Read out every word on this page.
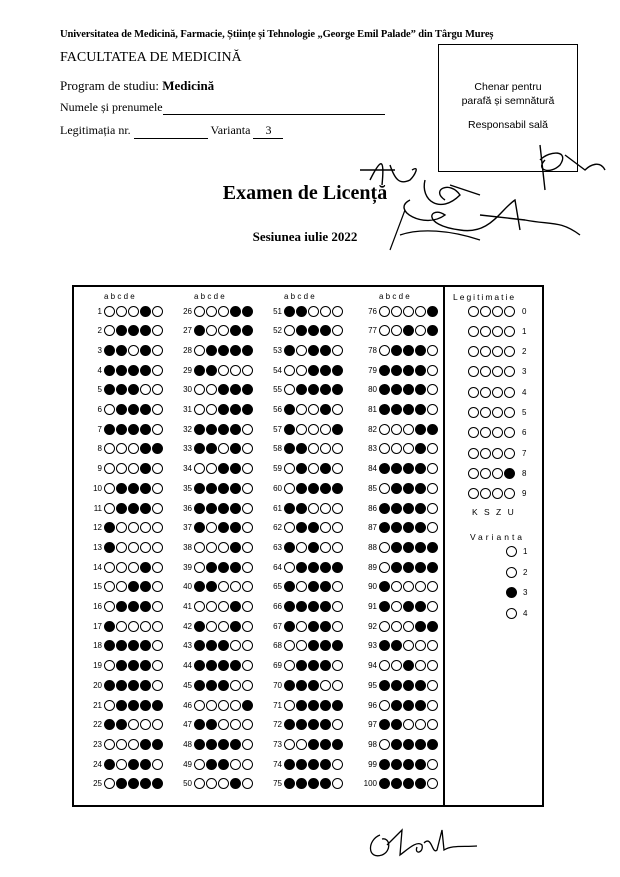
Universitatea de Medicină, Farmacie, Științe și Tehnologie „George Emil Palade” din Târgu Mureș
FACULTATEA DE MEDICINĂ
Program de studiu: Medicină
Numele și prenumele
Legitimația nr.	Varianta 3
Chenar pentru
parafă și semnătură
Responsabil sală
Examen de Licență
Sesiunea iulie 2022
a b c d e
1
2
3
4
5
6
7
8
9
10
11
12
13
14
15
16
17
18
19
20
21
22
23
24
25
a b c d e
26
27
28
29
30
31
32
33
34
35
36
37
38
39
40
41
42
43
44
45
46
47
48
49
50
a b c d e
51
52
53
54
55
56
57
58
59
60
61
62
63
64
65
66
67
68
69
70
71
72
73
74
75
a b c d e
76
77
78
79
80
81
82
83
84
85
86
87
88
89
90
91
92
93
94
95
96
97
98
99
100
Legitimatie
0
1
2
3
4
5
6
7
8
9
K S Z U
Varianta
1
2
3
4
